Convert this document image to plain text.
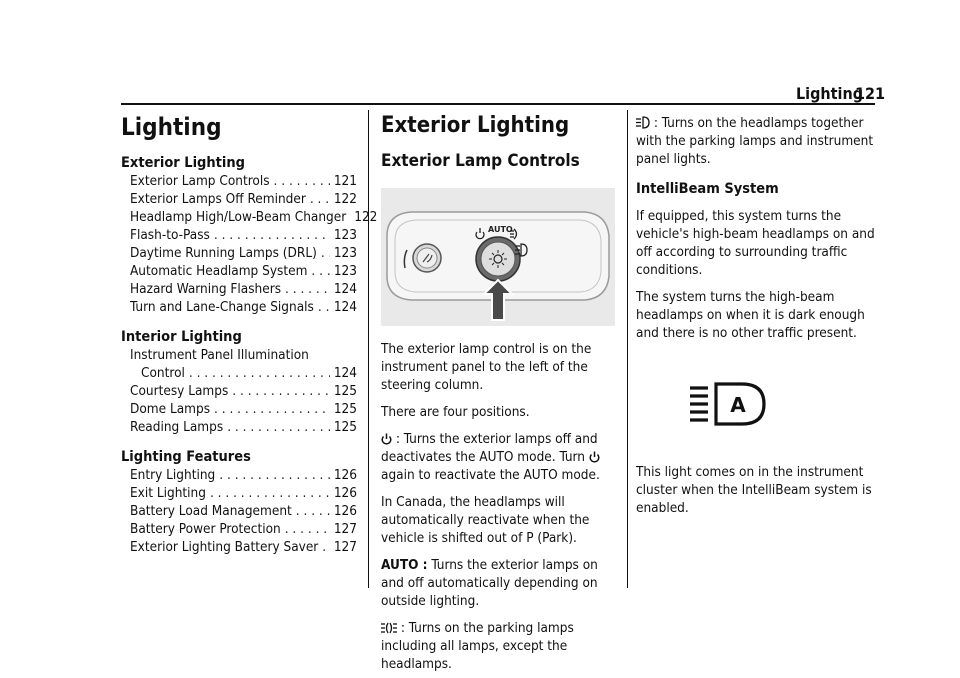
Lighting
121
Lighting
Exterior Lighting
Exterior Lamp Controls . . .	121
Exterior Lamps Off Reminder . . . 122
Headlamp High/Low-Beam Changer 122
Flash-to-Pass . . .	123
Daytime Running Lamps (DRL) . . . 123
Automatic Headlamp System . . . 123
Hazard Warning Flashers . . .	124
Turn and Lane-Change Signals . . . 124
Interior Lighting
Instrument Panel Illumination
Control . . .	124
Courtesy Lamps . . .	125
Dome Lamps . . .	125
Reading Lamps . . .	125
Lighting Features
Entry Lighting . . .	126
Exit Lighting . . .	126
Battery Load Management . . .	126
Battery Power Protection . . .	127
Exterior Lighting Battery Saver . . . 127
Exterior Lighting
Exterior Lamp Controls
AUTO

The exterior lamp control is on the instrument panel to the left of the steering column.

There are four positions.

: Turns the exterior lamps off and deactivates the AUTO mode. Turn  again to reactivate the AUTO mode.

In Canada, the headlamps will automatically reactivate when the vehicle is shifted out of P (Park).

AUTO : Turns the exterior lamps on and off automatically depending on outside lighting.

: Turns on the parking lamps including all lamps, except the headlamps.

: Turns on the headlamps together with the parking lamps and instrument panel lights.

IntelliBeam System

If equipped, this system turns the vehicle's high-beam headlamps on and off according to surrounding traffic conditions.

The system turns the high-beam headlamps on when it is dark enough and there is no other traffic present.

A

This light comes on in the instrument cluster when the IntelliBeam system is enabled.
